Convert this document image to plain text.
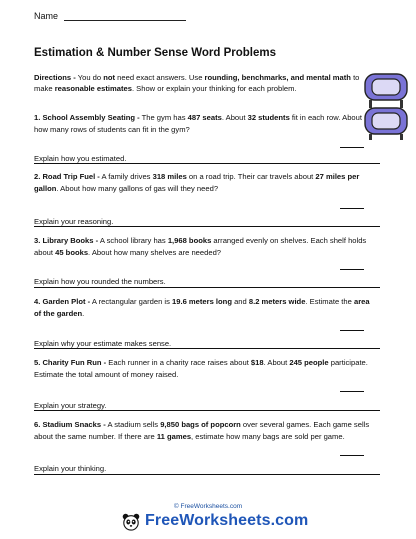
Name
Estimation & Number Sense Word Problems
Directions - You do not need exact answers. Use rounding, benchmarks, and mental math to make reasonable estimates. Show or explain your thinking for each problem.
1. School Assembly Seating - The gym has 487 seats. About 32 students fit in each row. About how many rows of students can fit in the gym?
Explain how you estimated.
2. Road Trip Fuel - A family drives 318 miles on a road trip. Their car travels about 27 miles per gallon. About how many gallons of gas will they need?
Explain your reasoning.
3. Library Books - A school library has 1,968 books arranged evenly on shelves. Each shelf holds about 45 books. About how many shelves are needed?
Explain how you rounded the numbers.
4. Garden Plot - A rectangular garden is 19.6 meters long and 8.2 meters wide. Estimate the area of the garden.
Explain why your estimate makes sense.
5. Charity Fun Run - Each runner in a charity race raises about $18. About 245 people participate. Estimate the total amount of money raised.
Explain your strategy.
6. Stadium Snacks - A stadium sells 9,850 bags of popcorn over several games. Each game sells about the same number. If there are 11 games, estimate how many bags are sold per game.
Explain your thinking.
© FreeWorksheets.com
FreeWorksheets.com
